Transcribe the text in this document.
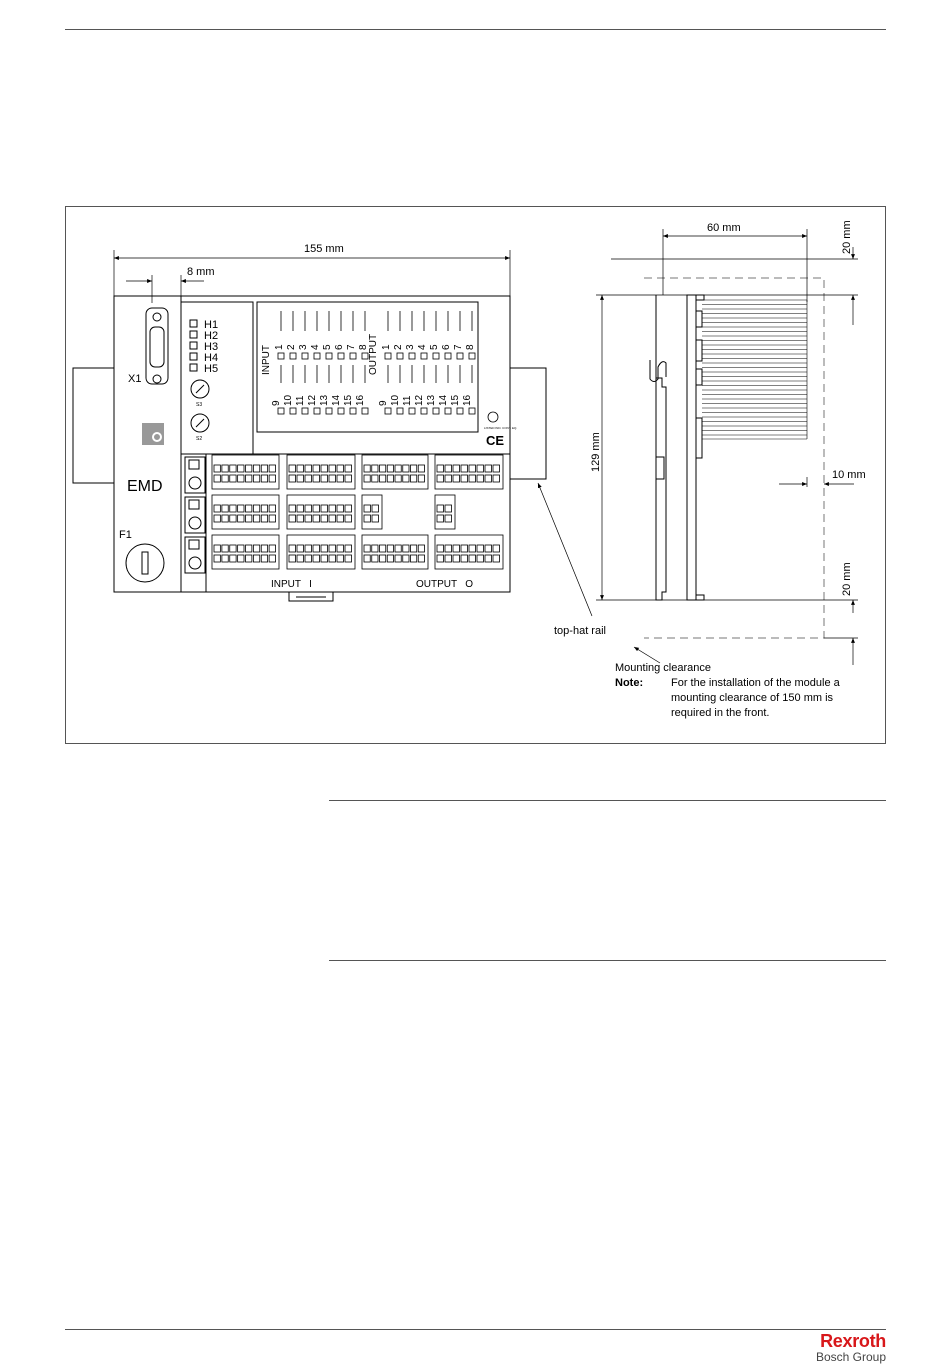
X1
H1
H2
H3
H4
H5
S3
S2
EMD
F1
INPUT	OUTPUT
CE
LISTED IND. CONT. EQ.
INPUT   I	OUTPUT   O
1 2 3 4 5 6 7 8
9 10 11 12 13 14 15 16
1 2 3 4 5 6 7 8
9 10 11 12 13 14 15 16
155 mm
8 mm
top-hat rail
60 mm	20 mm
129 mm
10 mm
20 mm
Mounting clearance
Note:	For the installation of the module a
mounting clearance of 150 mm is
required in the front.
Rexroth
Bosch Group
